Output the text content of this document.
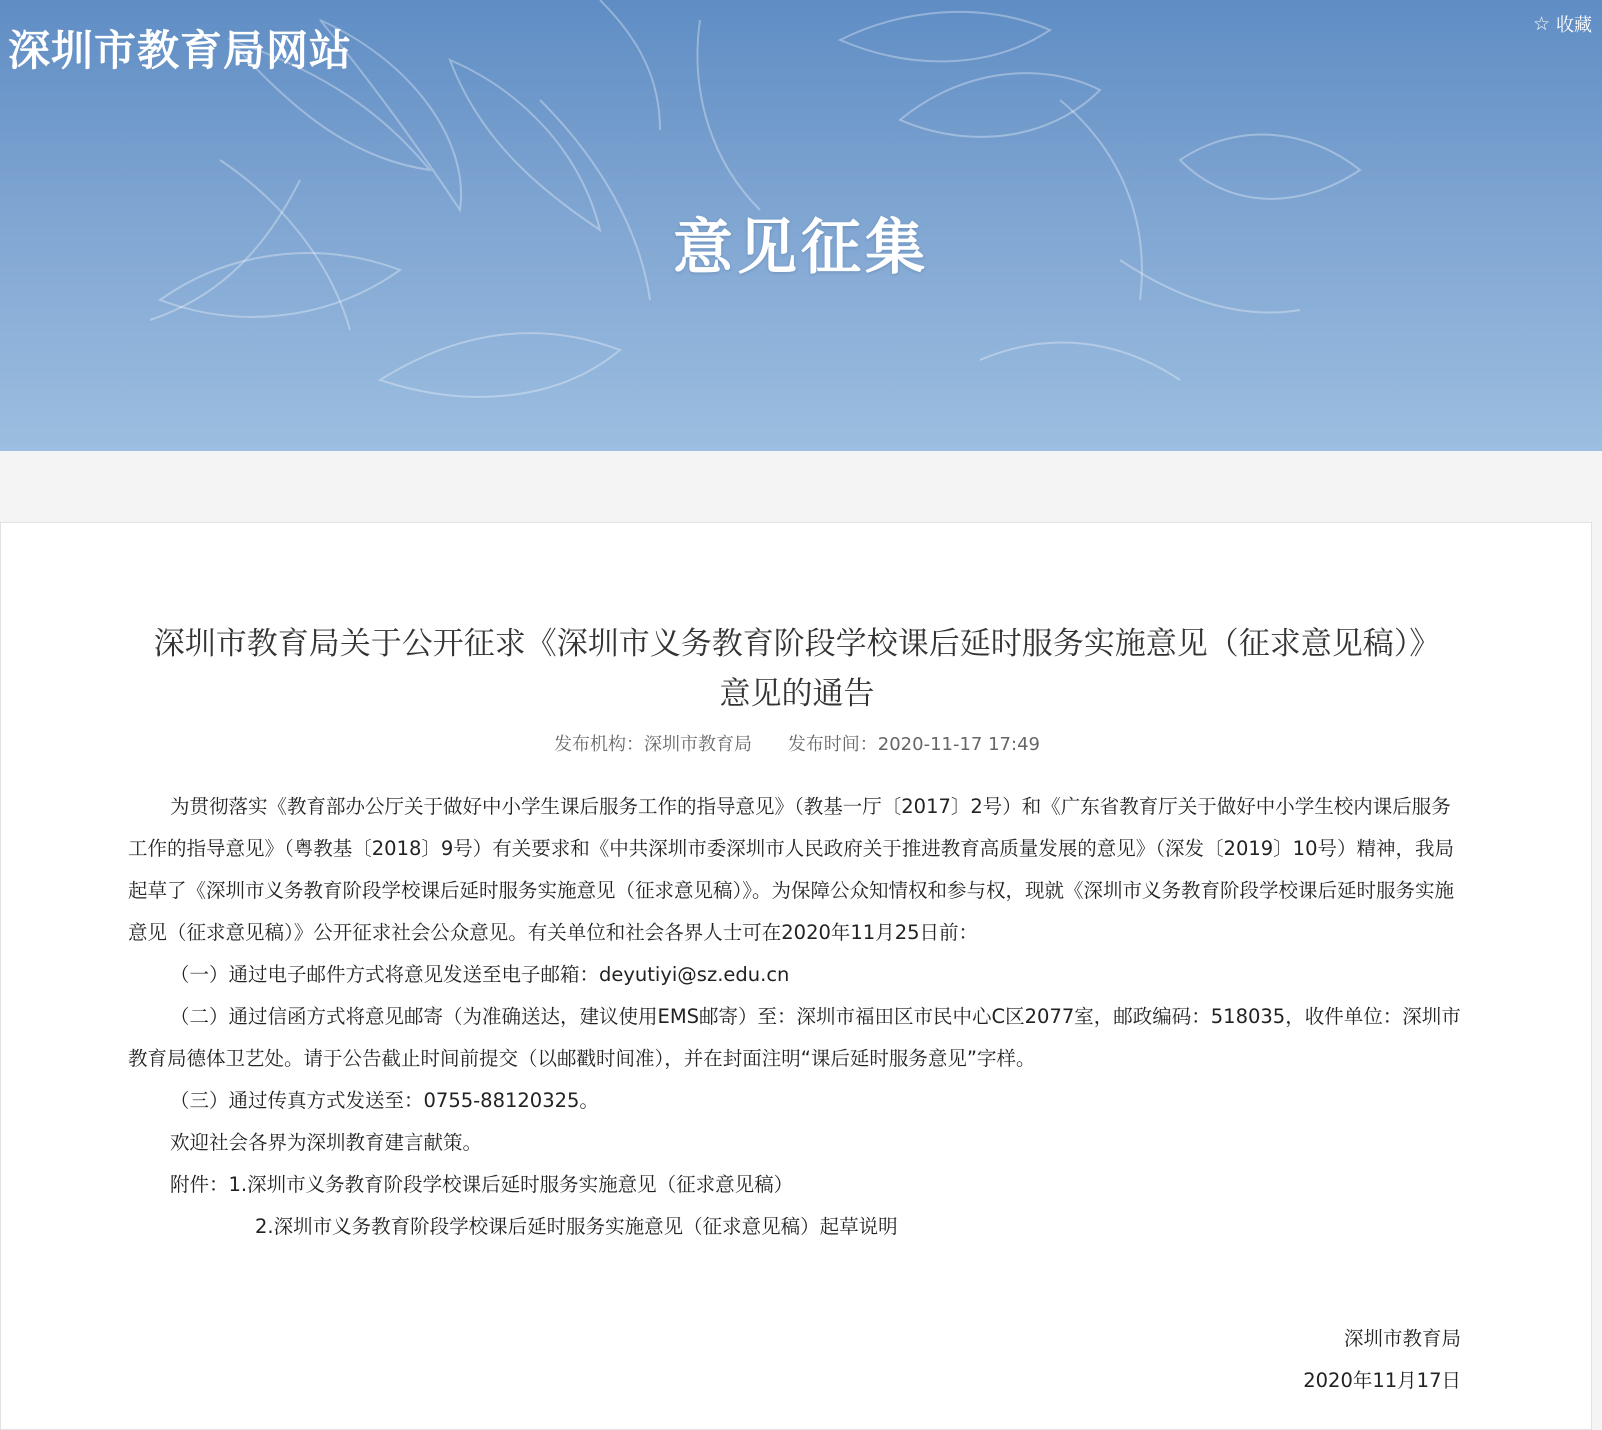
深圳市教育局网站
☆ 收藏
意见征集
深圳市教育局关于公开征求《深圳市义务教育阶段学校课后延时服务实施意见（征求意见稿）》意见的通告
发布机构：深圳市教育局 发布时间：2020-11-17 17:49

为贯彻落实《教育部办公厅关于做好中小学生课后服务工作的指导意见》（教基一厅〔2017〕2号）和《广东省教育厅关于做好中小学生校内课后服务工作的指导意见》（粤教基〔2018〕9号）有关要求和《中共深圳市委深圳市人民政府关于推进教育高质量发展的意见》（深发〔2019〕10号）精神，我局起草了《深圳市义务教育阶段学校课后延时服务实施意见（征求意见稿）》。为保障公众知情权和参与权，现就《深圳市义务教育阶段学校课后延时服务实施意见（征求意见稿）》公开征求社会公众意见。有关单位和社会各界人士可在2020年11月25日前：

（一）通过电子邮件方式将意见发送至电子邮箱：deyutiyi@sz.edu.cn

（二）通过信函方式将意见邮寄（为准确送达，建议使用EMS邮寄）至：深圳市福田区市民中心C区2077室，邮政编码：518035，收件单位：深圳市教育局德体卫艺处。请于公告截止时间前提交（以邮戳时间准），并在封面注明“课后延时服务意见”字样。

（三）通过传真方式发送至：0755-88120325。

欢迎社会各界为深圳教育建言献策。

附件：1.深圳市义务教育阶段学校课后延时服务实施意见（征求意见稿）

2.深圳市义务教育阶段学校课后延时服务实施意见（征求意见稿）起草说明

深圳市教育局
2020年11月17日
